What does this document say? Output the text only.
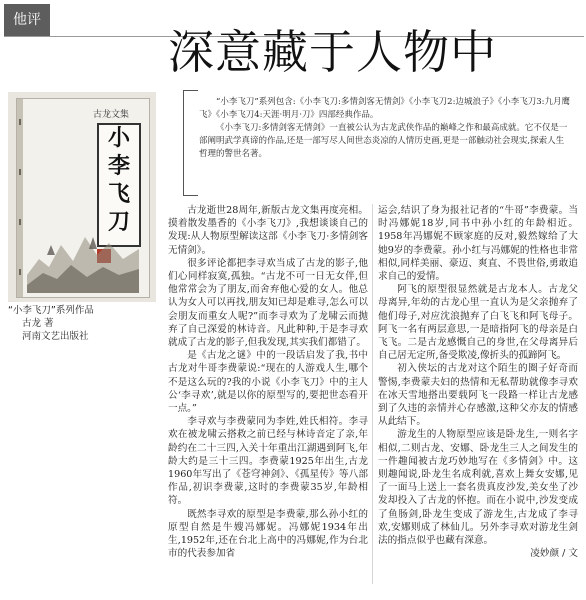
他评
深意藏于人物中

“小李飞刀”系列包含:《小李飞刀:多情剑客无情剑》《小李飞刀2:边城浪子》《小李飞刀3:九月鹰飞》《小李飞刀4:天涯·明月·刀》四部经典作品。

《小李飞刀:多情剑客无情剑》一直被公认为古龙武侠作品的巅峰之作和最高成就。它不仅是一部阐明武学真谛的作品,还是一部写尽人间世态炎凉的人情历史画,更是一部触动社会现实,探索人生哲理的警世名著。

古龙文集
小
李
飞
刀
“小李飞刀”系列作品
古龙 著
河南文艺出版社

古龙逝世28周年,新版古龙文集再度亮相。摸着散发墨香的《小李飞刀》,我想谈谈自己的发现:从人物原型解读这部《小李飞刀·多情剑客无情剑》。

很多评论都把李寻欢当成了古龙的影子,他们心同样寂寞,孤独。“古龙不可一日无女伴,但他常常会为了朋友,而舍弃他心爱的女人。他总认为女人可以再找,朋友知已却是难寻,怎么可以会朋友而重女人呢?”而李寻欢为了龙啸云而抛弃了自己深爱的林诗音。凡此种种,于是李寻欢就成了古龙的影子,但我发现,其实我们都错了。

是《古龙之谜》中的一段话启发了我,书中古龙对牛哥李费蒙说:“现在的人游戏人生,哪个不是这么玩的?我的小说《小李飞刀》中的主人公‘李寻欢’,就是以你的原型写的,要把世态看开一点。”

李寻欢与李费蒙同为李姓,姓氏相符。李寻欢在被龙啸云搭救之前已经与林诗音定了亲,年龄约在二十三四,入关十年重出江湖遇到阿飞,年龄大约是三十三四。李费蒙1925年出生,古龙1960年写出了《苍穹神剑》、《孤星传》等八部作品,初识李费蒙,这时的李费蒙35岁,年龄相符。

既然李寻欢的原型是李费蒙,那么孙小红的原型自然是牛嫂冯娜妮。冯娜妮1934年出生,1952年,还在台北上高中的冯娜妮,作为台北市的代表参加省

运会,结识了身为报社记者的“牛哥”李费蒙。当时冯娜妮18岁,同书中孙小红的年龄相近。1958年冯娜妮不顾家庭的反对,毅然嫁给了大她9岁的李费蒙。孙小红与冯娜妮的性格也非常相似,同样美丽、豪迈、爽直、不畏世俗,勇敢追求自己的爱情。

阿飞的原型很显然就是古龙本人。古龙父母离异,年幼的古龙心里一直认为是父亲抛弃了他们母子,对应沈浪抛弃了白飞飞和阿飞母子。阿飞一名有两层意思,一是暗指阿飞的母亲是白飞飞。二是古龙感慨自己的身世,在父母离异后自己居无定所,备受欺凌,像折头的孤蹄阿飞。

初入侠坛的古龙对这个陌生的圈子好奇而警惕,李费蒙夫妇的热情和无私帮助就像李寻欢在冰天雪地搭出要载阿飞一段路一样让古龙感到了久违的亲情并心存感激,这种父亦友的情感从此结下。

游龙生的人物原型应该是卧龙生,一则名字相似,二则古龙、安娜、卧龙生三人之间发生的一件趣闻被古龙巧妙地写在《多情剑》中。这则趣闻说,卧龙生名成利就,喜欢上舞女安娜,见了一面马上送上一套名贵真皮沙发,美女坐了沙发却投入了古龙的怀抱。而在小说中,沙发变成了鱼肠剑,卧龙生变成了游龙生,古龙成了李寻欢,安娜则成了林仙儿。另外李寻欢对游龙生剑法的指点似乎也藏有深意。

凌妙颜 / 文
